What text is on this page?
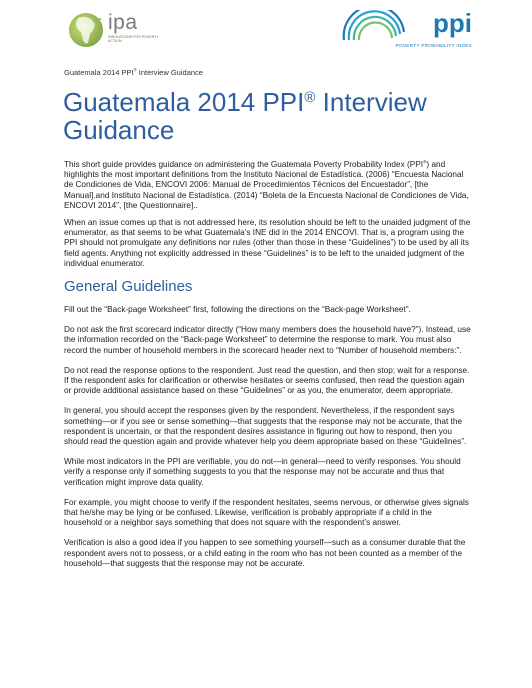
ipa
INNOVATIONS FOR POVERTY ACTION
ppi
POVERTY PROBABILITY INDEX
Guatemala 2014 PPI® Interview Guidance
Guatemala 2014 PPI® Interview Guidance

This short guide provides guidance on administering the Guatemala Poverty Probability Index (PPI®) and highlights the most important definitions from the Instituto Nacional de Estadística. (2006) “Encuesta Nacional de Condiciones de Vida, ENCOVI 2006: Manual de Procedimientos Técnicos del Encuestador”, [the Manual].and Instituto Nacional de Estadística. (2014) “Boleta de la Encuesta Nacional de Condiciones de Vida, ENCOVI 2014”, [the Questionnaire]..

When an issue comes up that is not addressed here, its resolution should be left to the unaided judgment of the enumerator, as that seems to be what Guatemala’s INE did in the 2014 ENCOVI. That is, a program using the PPI should not promulgate any definitions nor rules (other than those in these “Guidelines”) to be used by all its field agents. Anything not explicitly addressed in these “Guidelines” is to be left to the unaided judgment of the individual enumerator.

General Guidelines

Fill out the “Back-page Worksheet” first, following the directions on the “Back-page Worksheet”.

Do not ask the first scorecard indicator directly (“How many members does the household have?”). Instead, use the information recorded on the “Back-page Worksheet” to determine the response to mark. You must also record the number of household members in the scorecard header next to “Number of household members:”.

Do not read the response options to the respondent. Just read the question, and then stop; wait for a response. If the respondent asks for clarification or otherwise hesitates or seems confused, then read the question again or provide additional assistance based on these “Guidelines” or as you, the enumerator, deem appropriate.

In general, you should accept the responses given by the respondent. Nevertheless, if the respondent says something—or if you see or sense something—that suggests that the response may not be accurate, that the respondent is uncertain, or that the respondent desires assistance in figuring out how to respond, then you should read the question again and provide whatever help you deem appropriate based on these “Guidelines”.

While most indicators in the PPI are verifiable, you do not—in general—need to verify responses. You should verify a response only if something suggests to you that the response may not be accurate and thus that verification might improve data quality.

For example, you might choose to verify if the respondent hesitates, seems nervous, or otherwise gives signals that he/she may be lying or be confused. Likewise, verification is probably appropriate if a child in the household or a neighbor says something that does not square with the respondent’s answer.

Verification is also a good idea if you happen to see something yourself—such as a consumer durable that the respondent avers not to possess, or a child eating in the room who has not been counted as a member of the household—that suggests that the response may not be accurate.
